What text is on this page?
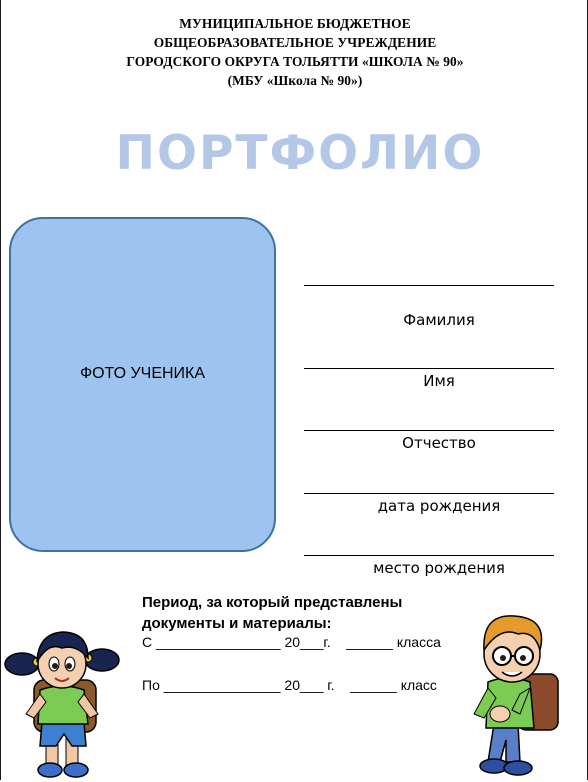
МУНИЦИПАЛЬНОЕ БЮДЖЕТНОЕ
ОБЩЕОБРАЗОВАТЕЛЬНОЕ УЧРЕЖДЕНИЕ
ГОРОДСКОГО ОКРУГА ТОЛЬЯТТИ «ШКОЛА № 90»
(МБУ «Школа № 90»)
ПОРТФОЛИО
ФОТО УЧЕНИКА
Фамилия
Имя
Отчество
дата рождения
место рождения
Период, за который представлены
документы и материалы:
С ________________ 20___г.    ______ класса
По _______________ 20___ г.    ______ класс
